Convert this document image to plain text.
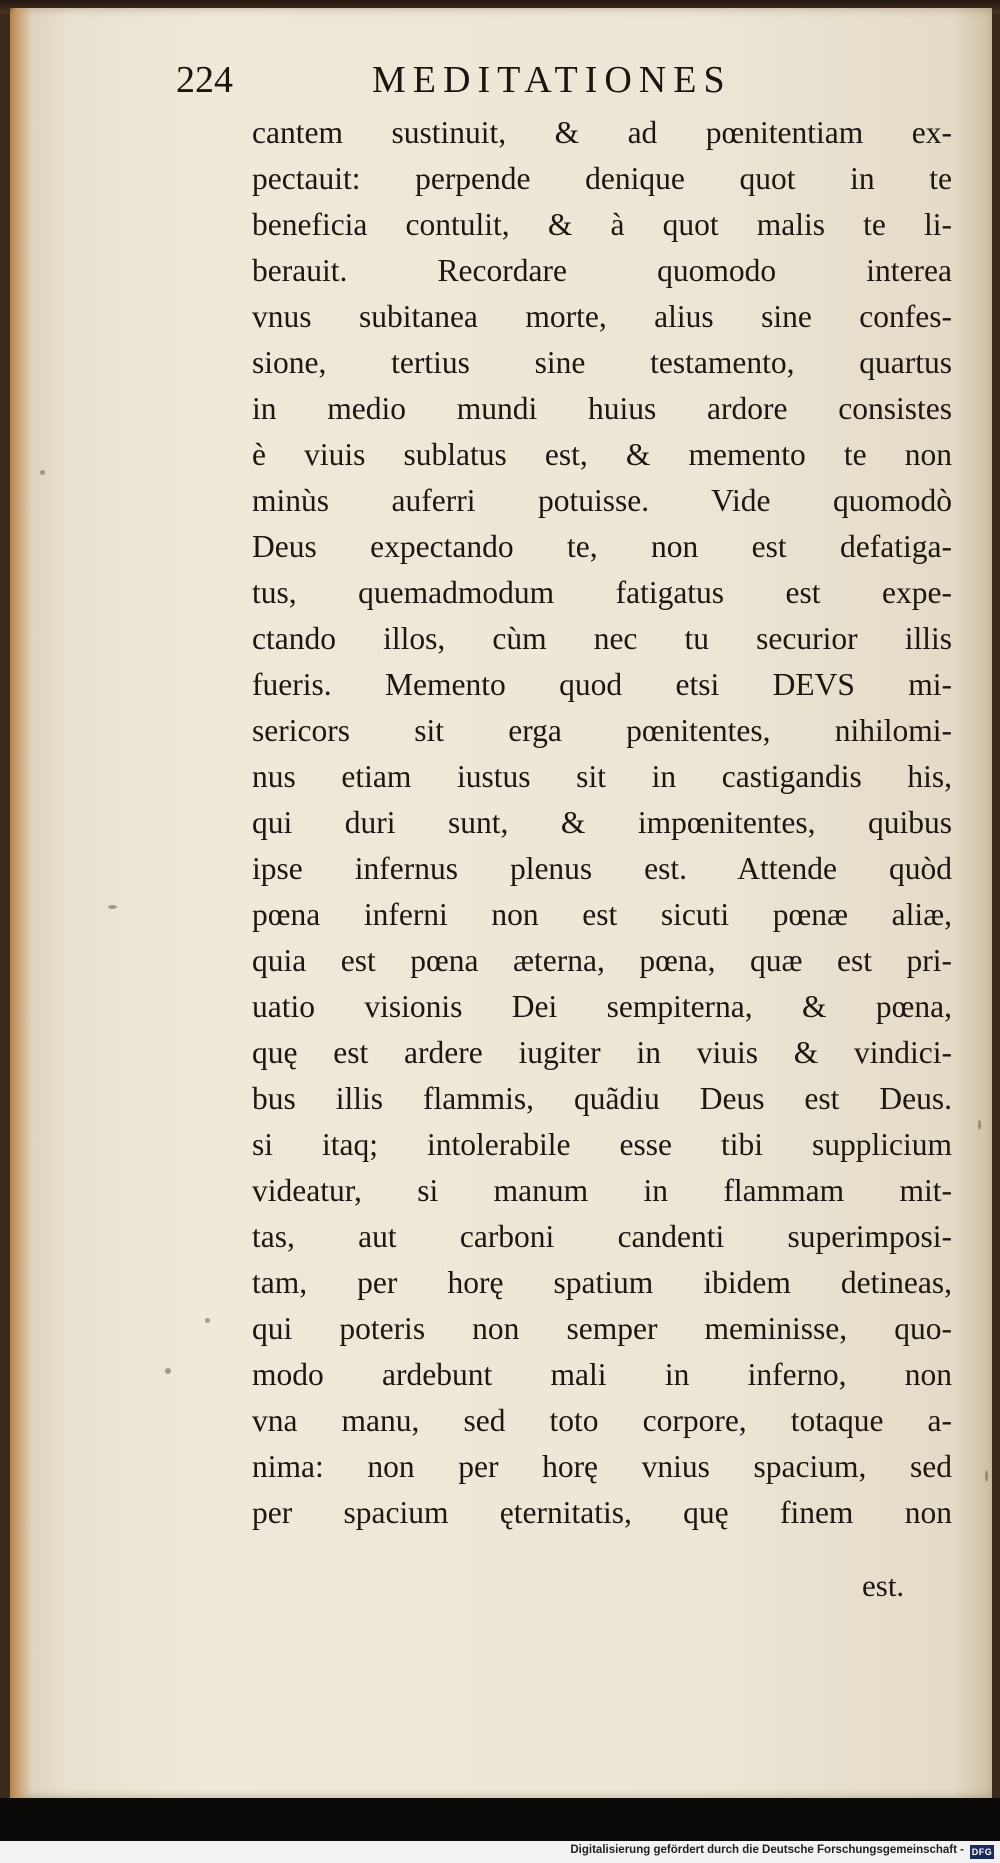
224	MEDITATIONES
cantem sustinuit, & ad pœnitentiam ex-
pectauit: perpende denique quot in te
beneficia contulit, & à quot malis te li-
berauit. Recordare quomodo interea
vnus subitanea morte, alius sine confes-
sione, tertius sine testamento, quartus
in medio mundi huius ardore consistes
è viuis sublatus est, & memento te non
minùs auferri potuisse. Vide quomodò
Deus expectando te, non est defatiga-
tus, quemadmodum fatigatus est expe-
ctando illos, cùm nec tu securior illis
fueris. Memento quod etsi DEVS mi-
sericors sit erga pœnitentes, nihilomi-
nus etiam iustus sit in castigandis his,
qui duri sunt, & impœnitentes, quibus
ipse infernus plenus est. Attende quòd
pœna inferni non est sicuti pœnæ aliæ,
quia est pœna æterna, pœna, quæ est pri-
uatio visionis Dei sempiterna, & pœna,
quę est ardere iugiter in viuis & vindici-
bus illis flammis, quãdiu Deus est Deus.
si itaq; intolerabile esse tibi supplicium
videatur, si manum in flammam mit-
tas, aut carboni candenti superimposi-
tam, per horę spatium ibidem detineas,
qui poteris non semper meminisse, quo-
modo ardebunt mali in inferno, non
vna manu, sed toto corpore, totaque a-
nima: non per horę vnius spacium, sed
per spacium ęternitatis, quę finem non
est.
Digitalisierung gefördert durch die Deutsche Forschungsgemeinschaft - DFG
